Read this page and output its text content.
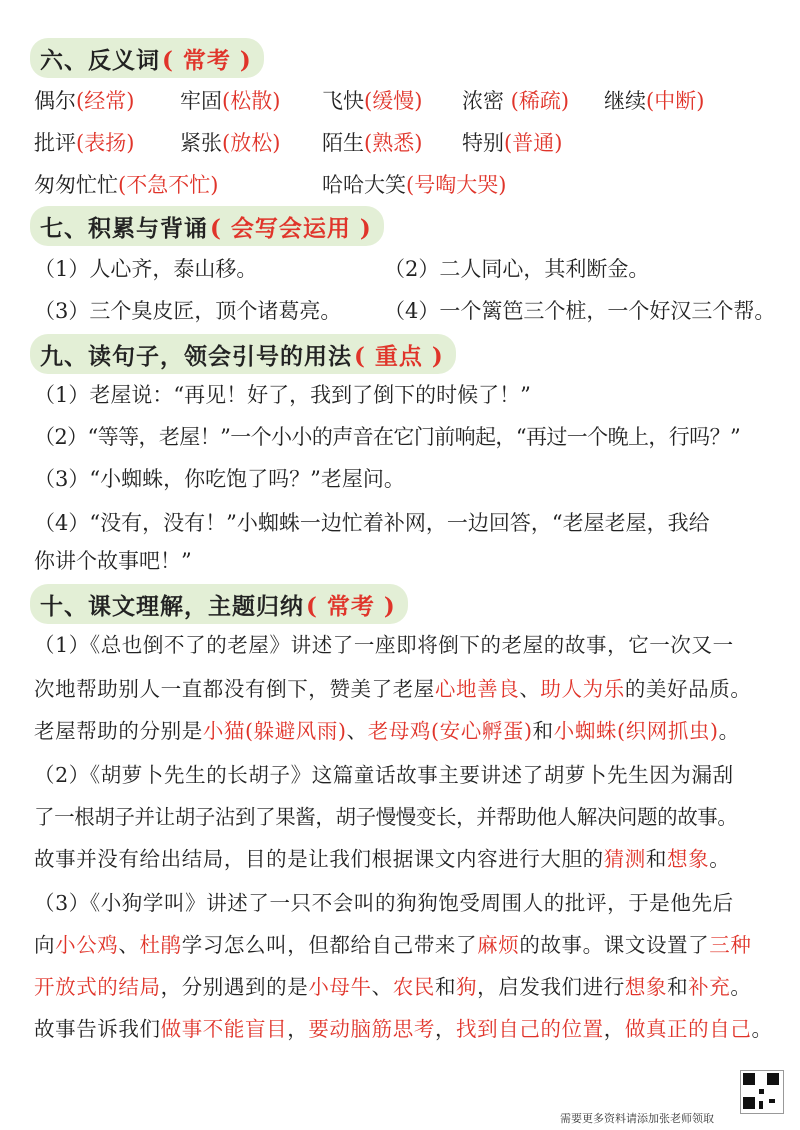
六、反义词 ( 常考 )
偶尔(经常) 牢固(松散) 飞快(缓慢) 浓密 (稀疏) 继续(中断)
批评(表扬) 紧张(放松) 陌生(熟悉) 特别(普通)
匆匆忙忙(不急不忙)	哈哈大笑(号啕大哭)
七、积累与背诵 ( 会写会运用 )
（1）人心齐，泰山移。	（2）二人同心，其利断金。
（3）三个臭皮匠，顶个诸葛亮。 （4）一个篱笆三个桩，一个好汉三个帮。
九、读句子，领会引号的用法 ( 重点 )
（1）老屋说：“再见！好了，我到了倒下的时候了！”
（2）“等等，老屋！”一个小小的声音在它门前响起，“再过一个晚上，行吗？”
（3）“小蜘蛛，你吃饱了吗？”老屋问。
（4）“没有，没有！”小蜘蛛一边忙着补网，一边回答，“老屋老屋，我给
你讲个故事吧！”
十、课文理解，主题归纳 ( 常考 )
（1）《总也倒不了的老屋》讲述了一座即将倒下的老屋的故事，它一次又一
次地帮助别人一直都没有倒下，赞美了老屋心地善良、助人为乐的美好品质。
老屋帮助的分别是小猫(躲避风雨)、老母鸡(安心孵蛋)和小蜘蛛(织网抓虫)。
（2）《胡萝卜先生的长胡子》这篇童话故事主要讲述了胡萝卜先生因为漏刮
了一根胡子并让胡子沾到了果酱，胡子慢慢变长，并帮助他人解决问题的故事。
故事并没有给出结局，目的是让我们根据课文内容进行大胆的猜测和想象。
（3）《小狗学叫》讲述了一只不会叫的狗狗饱受周围人的批评，于是他先后
向小公鸡、杜鹃学习怎么叫，但都给自己带来了麻烦的故事。课文设置了三种
开放式的结局，分别遇到的是小母牛、农民和狗，启发我们进行想象和补充。
故事告诉我们做事不能盲目，要动脑筋思考，找到自己的位置，做真正的自己。
需要更多资料请添加张老师领取
